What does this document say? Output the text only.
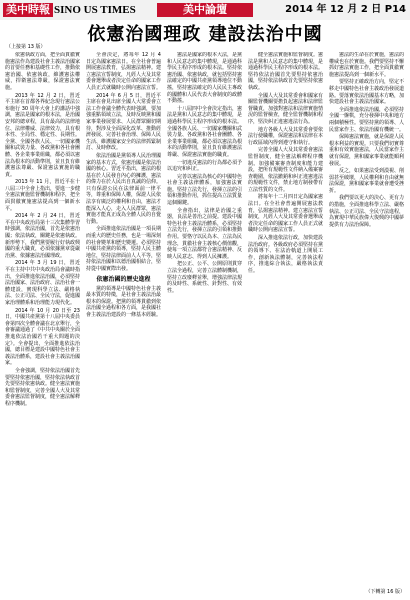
美中時報 SINO US TIMES	美中論壇	2014 年 12 月 2 日 P14
依憲治國理政 建設法治中國
（上接第 13 版）

依憲執政方面，把全面貫徹實施憲法作為建設社會主義法治國家的首要任務和基礎性工作，推動依憲治國、依憲執政，維護憲法權威，捍衛憲法尊嚴，保證憲法實施。

2013 年 12 月 2 日，習近平主席在首都各界紀念現行憲法公布施行 30 周年大會上的講話中強調，憲法是國家的根本法，是治國安邦的總章程，具有最高的法律地位、法律權威、法律效力，具有根本性、全局性、穩定性、長期性。全黨、全國各族人民、一切國家機關和武裝力量、各政黨和各社會團體、各企業事業組織，都必須以憲法為根本的活動準則，並且負有維護憲法尊嚴、保證憲法實施的職責。

2013 年 11 月，習近平在十八屆三中全會上指出，要進一步健全憲法實施監督機制和程序，把全面貫徹實施憲法提高到一個新水平。

2014 年 2 月 24 日，習近平在中央政治局第十三次集體學習時強調，依法治國，首先是依憲治國；依法執政，關鍵是依憲執政。新形勢下，我們黨要履行好執政興國的重大職責，必須依據黨章從嚴治黨、依據憲法治國理政。

2014 年 3 月 19 日，習近平在主持中共中央政治局會議時指出，全面推進依法治國，必須堅持法治國家、法治政府、法治社會一體建設，實現科學立法、嚴格執法、公正司法、全民守法，促進國家治理體系和治理能力現代化。

2014 年 10 月 20 日至 23 日，中國共產黨第十八屆中央委員會第四次全體會議在北京舉行，全會審議通過了《中共中央關於全面推進依法治國若干重大問題的決定》。全會提出，全面推進依法治國，總目標是建設中國特色社會主義法治體系，建設社會主義法治國家。

全會強調，堅持依法治國首先要堅持依憲治國，堅持依法執政首先要堅持依憲執政。健全憲法實施和監督制度，完善全國人大及其常委會憲法監督制度，健全憲法解釋程序機制。

全會決定，將每年 12 月 4 日定為國家憲法日。在全社會普遍開展憲法教育，弘揚憲法精神。建立憲法宣誓制度，凡經人大及其常委會選舉或者決定任命的國家工作人員正式就職時公開向憲法宣誓。

2014 年 6 月 5 日，習近平主席在會見出席全國人大常委會立法工作會議全體代表時強調，要加強重點領域立法，及時反映黨和國家事業發展要求、人民群眾關切期待，對涉及全面深化改革、推動經濟發展、完善社會治理、保障人民生活、維護國家安全的法律抓緊制訂、及時修改。

依法治國是黨領導人民治理國家的基本方式，依憲治國是依法治國的核心。習近平指出，憲法的根基在於人民發自內心的擁護，憲法的偉力在於人民出自真誠的信仰。只有保證公民在法律面前一律平等，尊重和保障人權，保證人民依法享有廣泛的權利和自由，憲法才能深入人心，走入人民群眾，憲法實施才能真正成為全體人民的自覺行動。

全面推進依法治國是一項長期而重大的歷史任務，也是一場深刻的社會變革和歷史變遷。必須堅持中國共產黨的領導，堅持人民主體地位，堅持法律面前人人平等，堅持依法治國和以德治國相結合，堅持從中國實際出發。

依憲治國的歷史進程

黨的領導是中國特色社會主義最本質的特徵，是社會主義法治最根本的保證。把黨的領導貫徹到依法治國全過程和各方面，是我國社會主義法治建設的一條基本經驗。

憲法是國家的根本大法，是黨和人民意志的集中體現，是通過科學民主程序形成的根本法。堅持依憲治國、依憲執政，就包括堅持憲法確定的中國共產黨領導地位不動搖，堅持憲法確定的人民民主專政的國體和人民代表大會制度的政體不動搖。

十八屆四中全會決定指出，憲法是黨和人民意志的集中體現，是通過科學民主程序形成的根本法。全國各族人民、一切國家機關和武裝力量、各政黨和各社會團體、各企業事業組織，都必須以憲法為根本的活動準則，並且負有維護憲法尊嚴、保證憲法實施的職責。

一切違反憲法的行為都必須予以追究和糾正。

完善以憲法為核心的中國特色社會主義法律體系，加強憲法實施。堅持立法先行，發揮立法的引領和推動作用，抓住提高立法質量這個關鍵。

全會指出，法律是治國之重器，良法是善治之前提。建設中國特色社會主義法治體系，必須堅持立法先行，發揮立法的引領和推動作用。要恪守以民為本、立法為民理念，貫徹社會主義核心價值觀，使每一項立法都符合憲法精神、反映人民意志、得到人民擁護。

把公正、公平、公開原則貫穿立法全過程，完善立法體制機制，堅持立改廢釋並舉，增強法律法規的及時性、系統性、針對性、有效性。

健全憲法實施和監督制度。憲法是黨和人民意志的集中體現，是通過科學民主程序形成的根本法。堅持依法治國首先要堅持依憲治國，堅持依法執政首先要堅持依憲執政。

全國人大及其常委會和國家有關監督機關要擔負起憲法和法律監督職責，加強對憲法和法律實施情況的監督檢查，健全監督機制和程序，堅決糾正違憲違法行為。

地方各級人大及其常委會要依法行使職權，保證憲法和法律在本行政區域內得到遵守和執行。

完善全國人大及其常委會憲法監督制度，健全憲法解釋程序機制。加強備案審查制度和能力建設，把所有規範性文件納入備案審查範圍，依法撤銷和糾正違憲違法的規範性文件，禁止地方制發帶有立法性質的文件。

將每年十二月四日定為國家憲法日。在全社會普遍開展憲法教育，弘揚憲法精神。建立憲法宣誓制度，凡經人大及其常委會選舉或者決定任命的國家工作人員正式就職時公開向憲法宣誓。

深入推進依法行政，加快建設法治政府。各級政府必須堅持在黨的領導下、在法治軌道上開展工作，創新執法體制，完善執法程序，推進綜合執法，嚴格執法責任。

憲法的生命在於實施，憲法的權威也在於實施。我們要堅持不懈抓好憲法實施工作，把全面貫徹實施憲法提高到一個新水平。

要堅持正確政治方向，堅定不移走中國特色社會主義政治發展道路。要落實依法治國基本方略，加快建設社會主義法治國家。

全面推進依法治國，必須堅持全國一盤棋，充分發揮中央和地方兩個積極性。要堅持黨的領導、人民當家作主、依法治國有機統一。

保障憲法實施，就是保證人民根本利益的實現。只要我們切實尊重和有效實施憲法，人民當家作主就有保證，黨和國家事業就能順利發展。

反之，如果憲法受到漠視、削弱甚至破壞，人民權利和自由就無法保證，黨和國家事業就會遭受挫折。

我們要以更大的決心、更有力的措施，全面推進科學立法、嚴格執法、公正司法、全民守法進程，為實現中華民族偉大復興的中國夢提供有力法治保障。

（下轉第 16 版）
